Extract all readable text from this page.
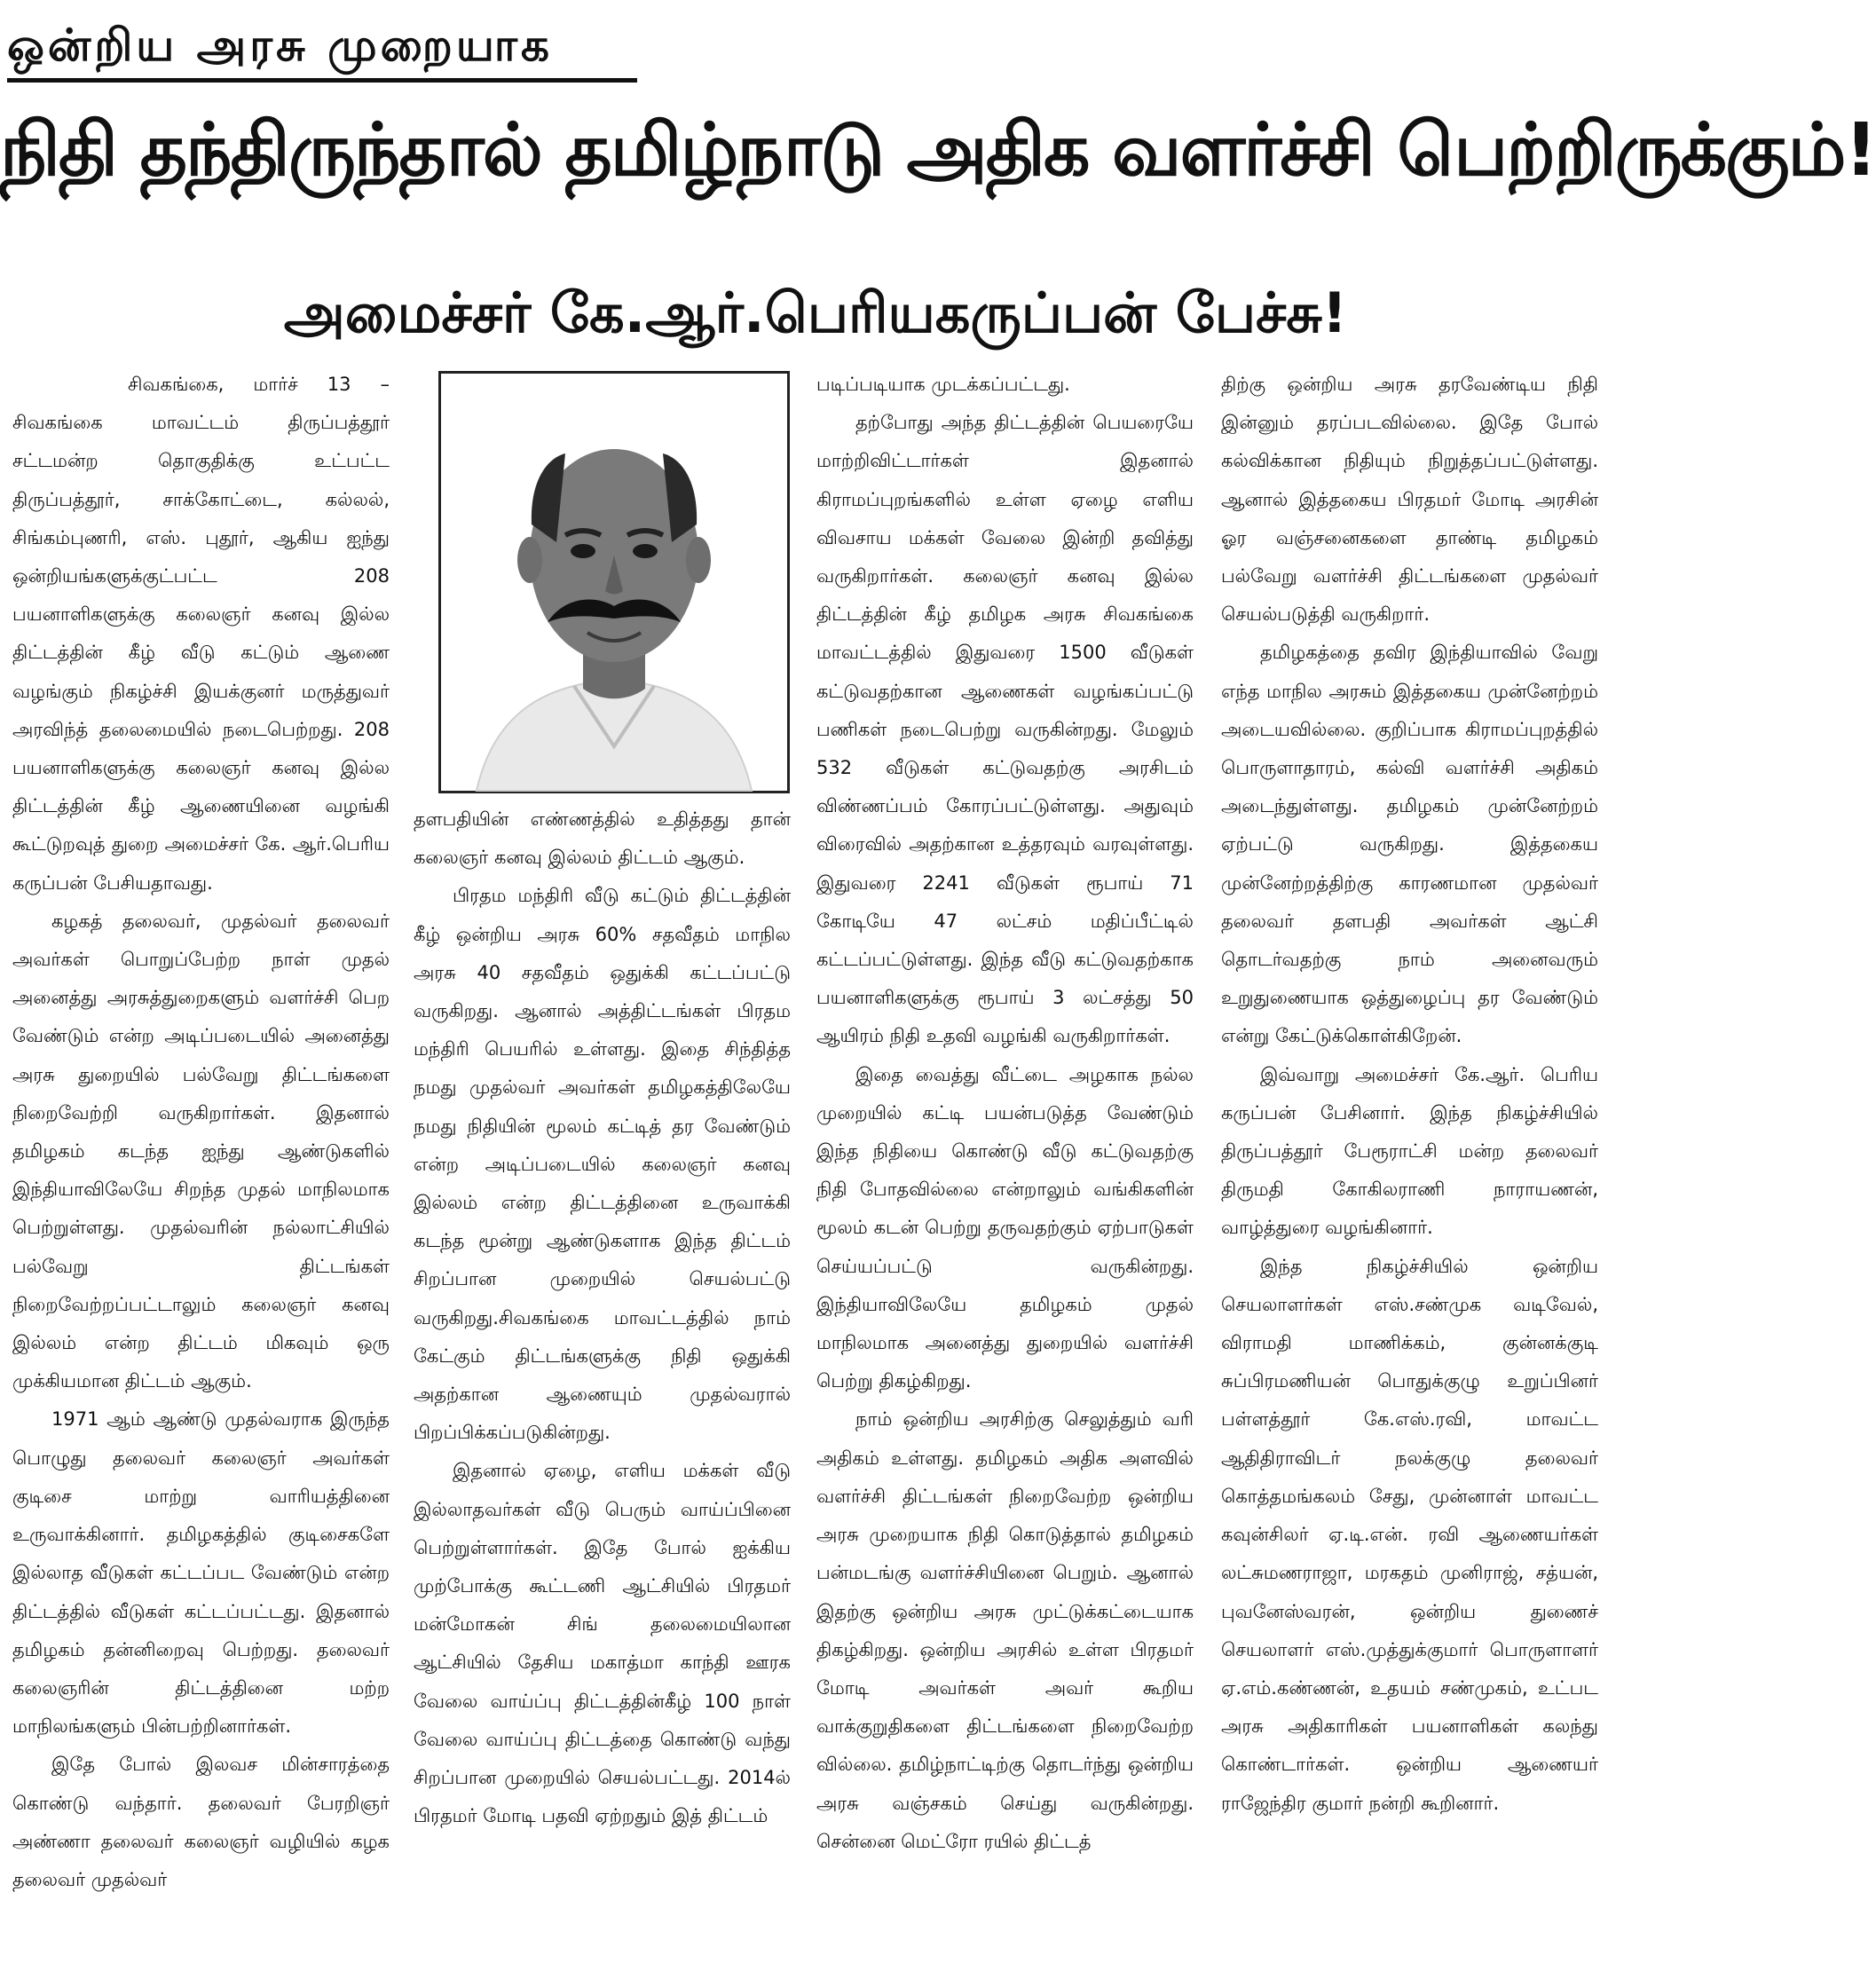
ஒன்றிய அரசு முறையாக
நிதி தந்திருந்தால் தமிழ்நாடு அதிக வளர்ச்சி பெற்றிருக்கும்!
அமைச்சர் கே.ஆர்.பெரியகருப்பன் பேச்சு!

சிவகங்கை, மார்ச் 13 – சிவகங்கை மாவட்டம் திருப்பத்தூர் சட்டமன்ற தொகுதிக்கு உட்பட்ட திருப்பத்தூர், சாக்கோட்டை, கல்லல், சிங்கம்புணரி, எஸ். புதூர், ஆகிய ஐந்து ஒன்றியங்களுக்குட்பட்ட 208 பயனாளிகளுக்கு கலைஞர் கனவு இல்ல திட்டத்தின் கீழ் வீடு கட்டும் ஆணை வழங்கும் நிகழ்ச்சி இயக்குனர் மருத்துவர் அரவிந்த் தலைமையில் நடைபெற்றது. 208 பயனாளிகளுக்கு கலைஞர் கனவு இல்ல திட்டத்தின் கீழ் ஆணையினை வழங்கி கூட்டுறவுத் துறை அமைச்சர் கே. ஆர்.பெரிய கருப்பன் பேசியதாவது.

கழகத் தலைவர், முதல்வர் தலைவர் அவர்கள் பொறுப்பேற்ற நாள் முதல் அனைத்து அரசுத்துறைகளும் வளர்ச்சி பெற வேண்டும் என்ற அடிப்படையில் அனைத்து அரசு துறையில் பல்வேறு திட்டங்களை நிறைவேற்றி வருகிறார்கள். இதனால் தமிழகம் கடந்த ஐந்து ஆண்டுகளில் இந்தியாவிலேயே சிறந்த முதல் மாநிலமாக பெற்றுள்ளது. முதல்வரின் நல்லாட்சியில் பல்வேறு திட்டங்கள் நிறைவேற்றப்பட்டாலும் கலைஞர் கனவு இல்லம் என்ற திட்டம் மிகவும் ஒரு முக்கியமான திட்டம் ஆகும்.

1971 ஆம் ஆண்டு முதல்வராக இருந்த பொழுது தலைவர் கலைஞர் அவர்கள் குடிசை மாற்று வாரியத்தினை உருவாக்கினார். தமிழகத்தில் குடிசைகளே இல்லாத வீடுகள் கட்டப்பட வேண்டும் என்ற திட்டத்தில் வீடுகள் கட்டப்பட்டது. இதனால் தமிழகம் தன்னிறைவு பெற்றது. தலைவர் கலைஞரின் திட்டத்தினை மற்ற மாநிலங்களும் பின்பற்றினார்கள்.

இதே போல் இலவச மின்சாரத்தை கொண்டு வந்தார். தலைவர் பேரறிஞர் அண்ணா தலைவர் கலைஞர் வழியில் கழக தலைவர் முதல்வர்

தளபதியின் எண்ணத்தில் உதித்தது தான் கலைஞர் கனவு இல்லம் திட்டம் ஆகும்.

பிரதம மந்திரி வீடு கட்டும் திட்டத்தின் கீழ் ஒன்றிய அரசு 60% சதவீதம் மாநில அரசு 40 சதவீதம் ஒதுக்கி கட்டப்பட்டு வருகிறது. ஆனால் அத்திட்டங்கள் பிரதம மந்திரி பெயரில் உள்ளது. இதை சிந்தித்த நமது முதல்வர் அவர்கள் தமிழகத்திலேயே நமது நிதியின் மூலம் கட்டித் தர வேண்டும் என்ற அடிப்படையில் கலைஞர் கனவு இல்லம் என்ற திட்டத்தினை உருவாக்கி கடந்த மூன்று ஆண்டுகளாக இந்த திட்டம் சிறப்பான முறையில் செயல்பட்டு வருகிறது.சிவகங்கை மாவட்டத்தில் நாம் கேட்கும் திட்டங்களுக்கு நிதி ஒதுக்கி அதற்கான ஆணையும் முதல்வரால் பிறப்பிக்கப்படுகின்றது.

இதனால் ஏழை, எளிய மக்கள் வீடு இல்லாதவர்கள் வீடு பெரும் வாய்ப்பினை பெற்றுள்ளார்கள். இதே போல் ஐக்கிய முற்போக்கு கூட்டணி ஆட்சியில் பிரதமர் மன்மோகன் சிங் தலைமையிலான ஆட்சியில் தேசிய மகாத்மா காந்தி ஊரக வேலை வாய்ப்பு திட்டத்தின்கீழ் 100 நாள் வேலை வாய்ப்பு திட்டத்தை கொண்டு வந்து சிறப்பான முறையில் செயல்பட்டது. 2014ல் பிரதமர் மோடி பதவி ஏற்றதும் இத் திட்டம்

படிப்படியாக முடக்கப்பட்டது.

தற்போது அந்த திட்டத்தின் பெயரையே மாற்றிவிட்டார்கள் இதனால் கிராமப்புறங்களில் உள்ள ஏழை எளிய விவசாய மக்கள் வேலை இன்றி தவித்து வருகிறார்கள். கலைஞர் கனவு இல்ல திட்டத்தின் கீழ் தமிழக அரசு சிவகங்கை மாவட்டத்தில் இதுவரை 1500 வீடுகள் கட்டுவதற்கான ஆணைகள் வழங்கப்பட்டு பணிகள் நடைபெற்று வருகின்றது. மேலும் 532 வீடுகள் கட்டுவதற்கு அரசிடம் விண்ணப்பம் கோரப்பட்டுள்ளது. அதுவும் விரைவில் அதற்கான உத்தரவும் வரவுள்ளது. இதுவரை 2241 வீடுகள் ரூபாய் 71 கோடியே 47 லட்சம் மதிப்பீட்டில் கட்டப்பட்டுள்ளது. இந்த வீடு கட்டுவதற்காக பயனாளிகளுக்கு ரூபாய் 3 லட்சத்து 50 ஆயிரம் நிதி உதவி வழங்கி வருகிறார்கள்.

இதை வைத்து வீட்டை அழகாக நல்ல முறையில் கட்டி பயன்படுத்த வேண்டும் இந்த நிதியை கொண்டு வீடு கட்டுவதற்கு நிதி போதவில்லை என்றாலும் வங்கிகளின் மூலம் கடன் பெற்று தருவதற்கும் ஏற்பாடுகள் செய்யப்பட்டு வருகின்றது. இந்தியாவிலேயே தமிழகம் முதல் மாநிலமாக அனைத்து துறையில் வளர்ச்சி பெற்று திகழ்கிறது.

நாம் ஒன்றிய அரசிற்கு செலுத்தும் வரி அதிகம் உள்ளது. தமிழகம் அதிக அளவில் வளர்ச்சி திட்டங்கள் நிறைவேற்ற ஒன்றிய அரசு முறையாக நிதி கொடுத்தால் தமிழகம் பன்மடங்கு வளர்ச்சியினை பெறும். ஆனால் இதற்கு ஒன்றிய அரசு முட்டுக்கட்டையாக திகழ்கிறது. ஒன்றிய அரசில் உள்ள பிரதமர் மோடி அவர்கள் அவர் கூறிய வாக்குறுதிகளை திட்டங்களை நிறைவேற்ற வில்லை. தமிழ்நாட்டிற்கு தொடர்ந்து ஒன்றிய அரசு வஞ்சகம் செய்து வருகின்றது. சென்னை மெட்ரோ ரயில் திட்டத்

திற்கு ஒன்றிய அரசு தரவேண்டிய நிதி இன்னும் தரப்படவில்லை. இதே போல் கல்விக்கான நிதியும் நிறுத்தப்பட்டுள்ளது. ஆனால் இத்தகைய பிரதமர் மோடி அரசின் ஓர வஞ்சனைகளை தாண்டி தமிழகம் பல்வேறு வளர்ச்சி திட்டங்களை முதல்வர் செயல்படுத்தி வருகிறார்.

தமிழகத்தை தவிர இந்தியாவில் வேறு எந்த மாநில அரசும் இத்தகைய முன்னேற்றம் அடையவில்லை. குறிப்பாக கிராமப்புறத்தில் பொருளாதாரம், கல்வி வளர்ச்சி அதிகம் அடைந்துள்ளது. தமிழகம் முன்னேற்றம் ஏற்பட்டு வருகிறது. இத்தகைய முன்னேற்றத்திற்கு காரணமான முதல்வர் தலைவர் தளபதி அவர்கள் ஆட்சி தொடர்வதற்கு நாம் அனைவரும் உறுதுணையாக ஒத்துழைப்பு தர வேண்டும் என்று கேட்டுக்கொள்கிறேன்.

இவ்வாறு அமைச்சர் கே.ஆர். பெரிய கருப்பன் பேசினார். இந்த நிகழ்ச்சியில் திருப்பத்தூர் பேரூராட்சி மன்ற தலைவர் திருமதி கோகிலராணி நாராயணன், வாழ்த்துரை வழங்கினார்.

இந்த நிகழ்ச்சியில் ஒன்றிய செயலாளர்கள் எஸ்.சண்முக வடிவேல், விராமதி மாணிக்கம், குன்னக்குடி சுப்பிரமணியன் பொதுக்குழு உறுப்பினர் பள்ளத்தூர் கே.எஸ்.ரவி, மாவட்ட ஆதிதிராவிடர் நலக்குழு தலைவர் கொத்தமங்கலம் சேது, முன்னாள் மாவட்ட கவுன்சிலர் ஏ.டி.என். ரவி ஆணையர்கள் லட்சுமணராஜா, மரகதம் முனிராஜ், சத்யன், புவனேஸ்வரன், ஒன்றிய துணைச் செயலாளர் எஸ்.முத்துக்குமார் பொருளாளர் ஏ.எம்.கண்ணன், உதயம் சண்முகம், உட்பட அரசு அதிகாரிகள் பயனாளிகள் கலந்து கொண்டார்கள். ஒன்றிய ஆணையர் ராஜேந்திர குமார் நன்றி கூறினார்.
